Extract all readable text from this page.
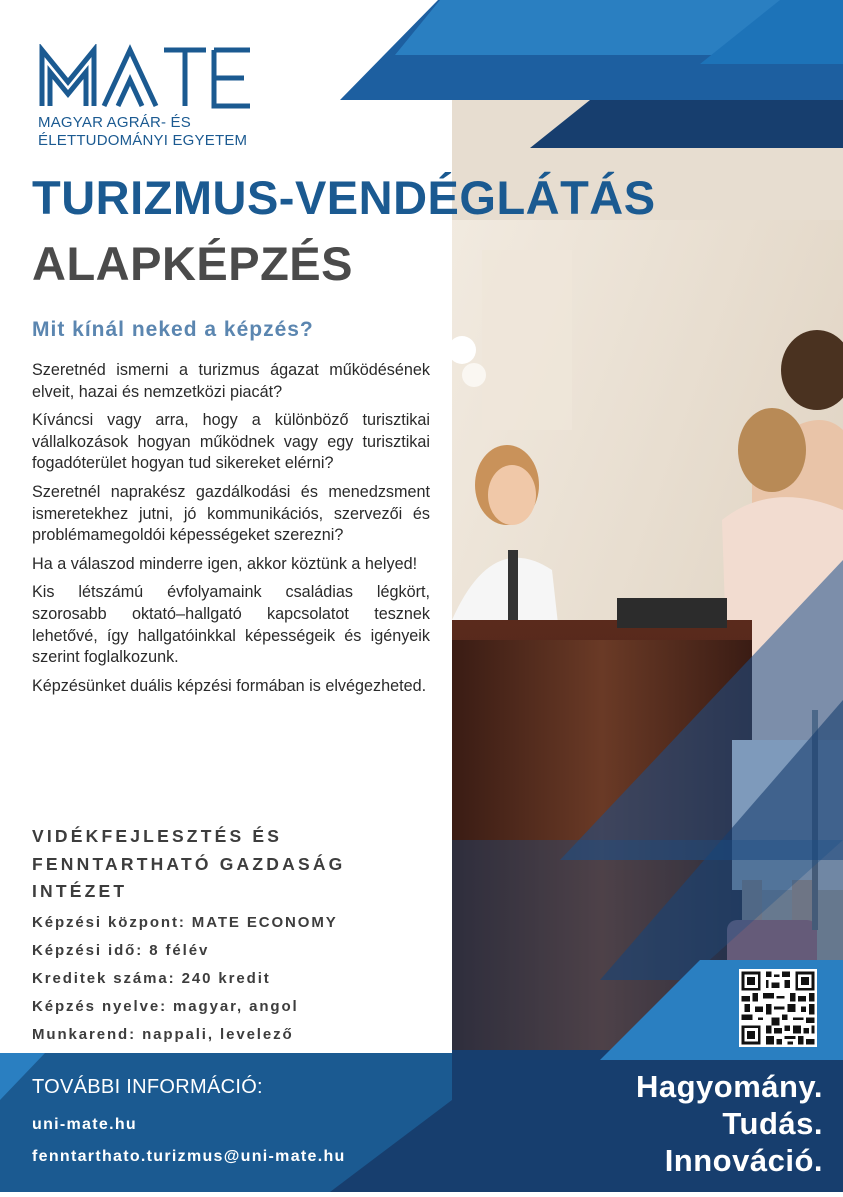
MAGYAR AGRÁR- ÉS
ÉLETTUDOMÁNYI EGYETEM
TURIZMUS-VENDÉGLÁTÁS
ALAPKÉPZÉS
Mit kínál neked a képzés?

Szeretnéd ismerni a turizmus ágazat működésének elveit, hazai és nemzetközi piacát?

Kíváncsi vagy arra, hogy a különböző turisztikai vállalkozások hogyan működnek vagy egy turisztikai fogadóterület hogyan tud sikereket elérni?

Szeretnél naprakész gazdálkodási és menedzsment ismeretekhez jutni, jó kommunikációs, szervezői és problémamegoldói képességeket szerezni?

Ha a válaszod minderre igen, akkor köztünk a helyed!

Kis létszámú évfolyamaink családias légkört, szorosabb oktató–hallgató kapcsolatot tesznek lehetővé, így hallgatóinkkal képességeik és igényeik szerint foglalkozunk.

Képzésünket duális képzési formában is elvégezheted.

VIDÉKFEJLESZTÉS ÉS
FENNTARTHATÓ GAZDASÁG
INTÉZET
Képzési központ: MATE ECONOMY
Képzési idő: 8 félév
Kreditek száma: 240 kredit
Képzés nyelve: magyar, angol
Munkarend: nappali, levelező
TOVÁBBI INFORMÁCIÓ:
uni-mate.hu
fenntarthato.turizmus@uni-mate.hu
Hagyomány.
Tudás.
Innováció.
